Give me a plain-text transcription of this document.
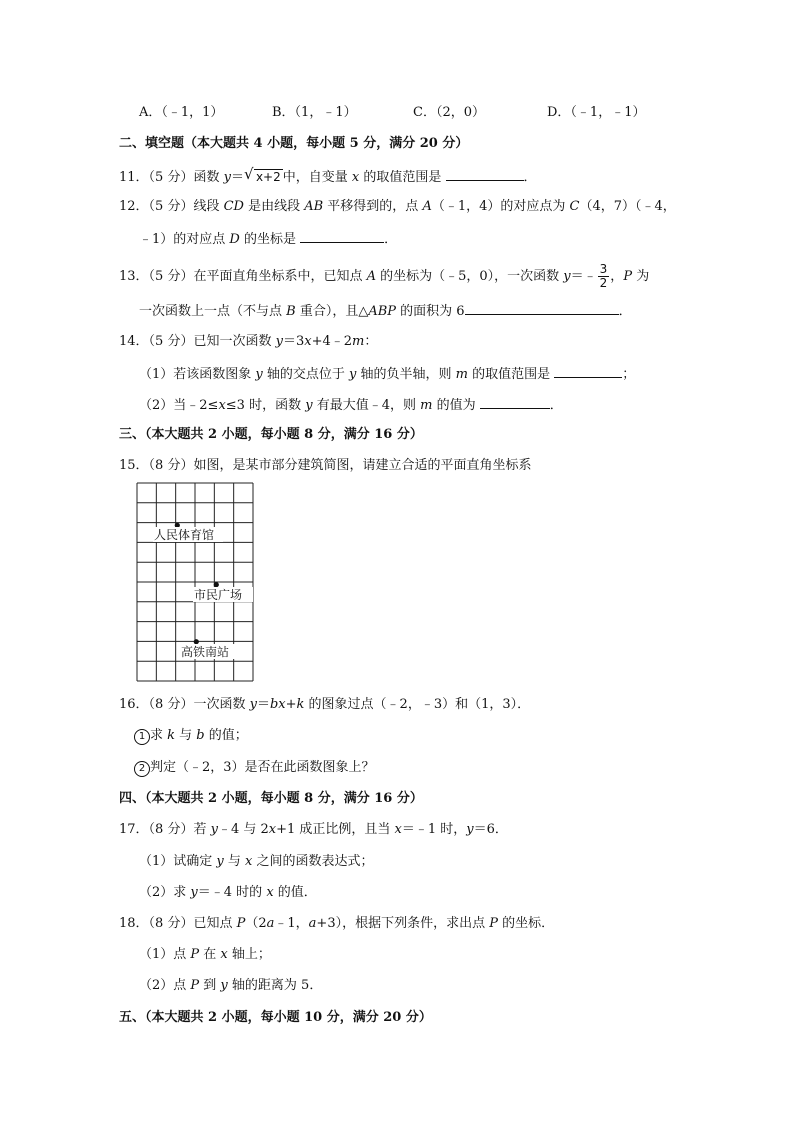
A．（﹣1，1）	B．（1，﹣1）	C．（2，0）	D．（﹣1，﹣1）
二、填空题（本大题共 4 小题，每小题 5 分，满分 20 分）
11．（5 分）函数 y＝ √ x+2 中，自变量 x 的取值范围是	．
12．（5 分）线段 CD 是由线段 AB 平移得到的，点 A（﹣1，4）的对应点为 C（4，7）（﹣4，
﹣1）的对应点 D 的坐标是	．
13．（5 分）在平面直角坐标系中，已知点 A 的坐标为（﹣5，0），一次函数 y＝﹣ $\frac{3}{2}$ ，P 为
一次函数上一点（不与点 B 重合），且△ABP 的面积为 6	．
14．（5 分）已知一次函数 y＝3x+4﹣2m：
（1）若该函数图象 y 轴的交点位于 y 轴的负半轴，则 m 的取值范围是	；
（2）当﹣2≤x≤3 时，函数 y 有最大值﹣4，则 m 的值为	．
三、（本大题共 2 小题，每小题 8 分，满分 16 分）
15．（8 分）如图，是某市部分建筑简图，请建立合适的平面直角坐标系
人民体育馆
市民广场
高铁南站
16．（8 分）一次函数 y＝bx+k 的图象过点（﹣2，﹣3）和（1，3）．
1 求 k 与 b 的值；
2 判定（﹣2，3）是否在此函数图象上？
四、（本大题共 2 小题，每小题 8 分，满分 16 分）
17．（8 分）若 y﹣4 与 2x+1 成正比例，且当 x＝﹣1 时，y＝6．
（1）试确定 y 与 x 之间的函数表达式；
（2）求 y＝﹣4 时的 x 的值．
18．（8 分）已知点 P（2a﹣1，a+3），根据下列条件，求出点 P 的坐标．
（1）点 P 在 x 轴上；
（2）点 P 到 y 轴的距离为 5．
五、（本大题共 2 小题，每小题 10 分，满分 20 分）
